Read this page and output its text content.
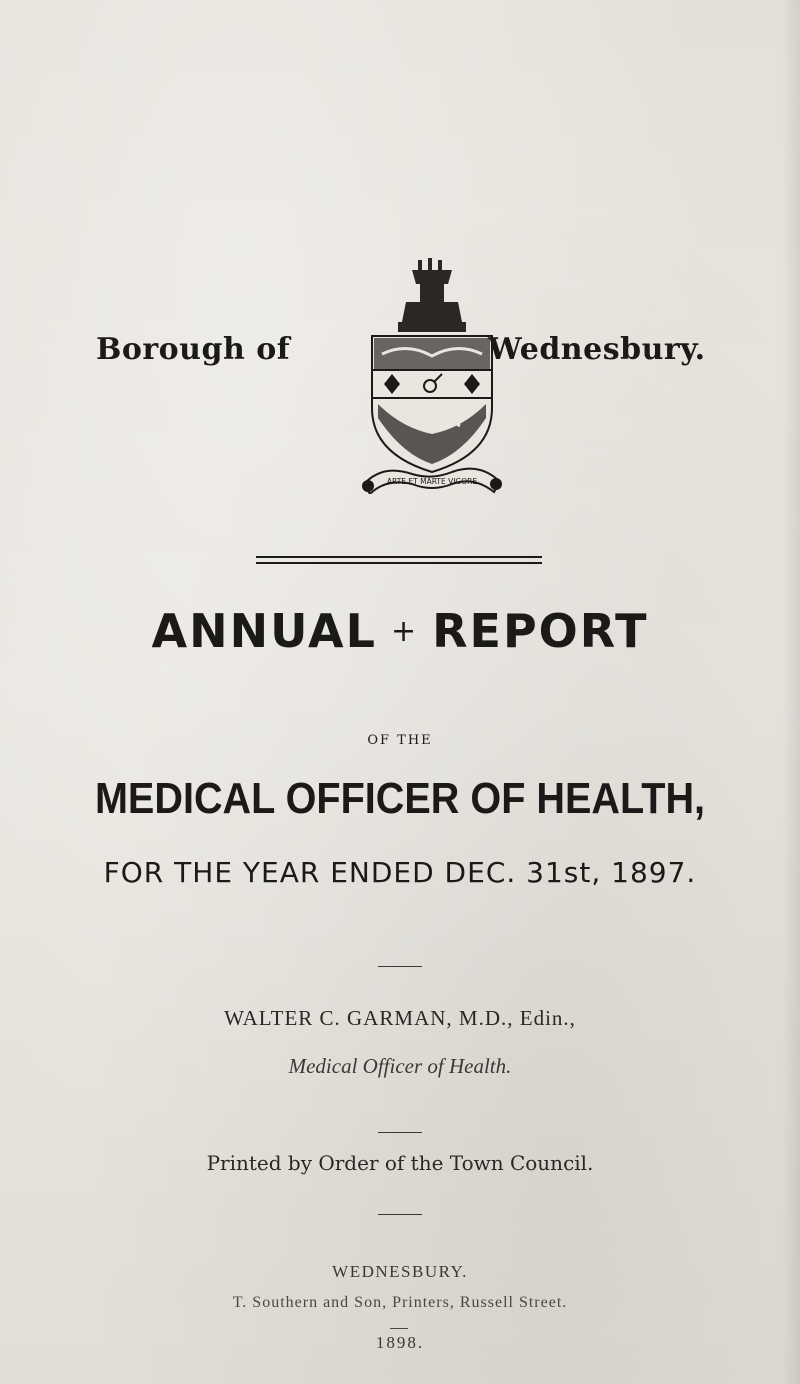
Borough of
ARTE ET MARTE VIGORE
Wednesbury.
ANNUAL + REPORT
OF THE
MEDICAL OFFICER OF HEALTH,
FOR THE YEAR ENDED DEC. 31st, 1897.
WALTER C. GARMAN, M.D., Edin.,
Medical Officer of Health.
Printed by Order of the Town Council.
WEDNESBURY.
T. Southern and Son, Printers, Russell Street.
1898.
